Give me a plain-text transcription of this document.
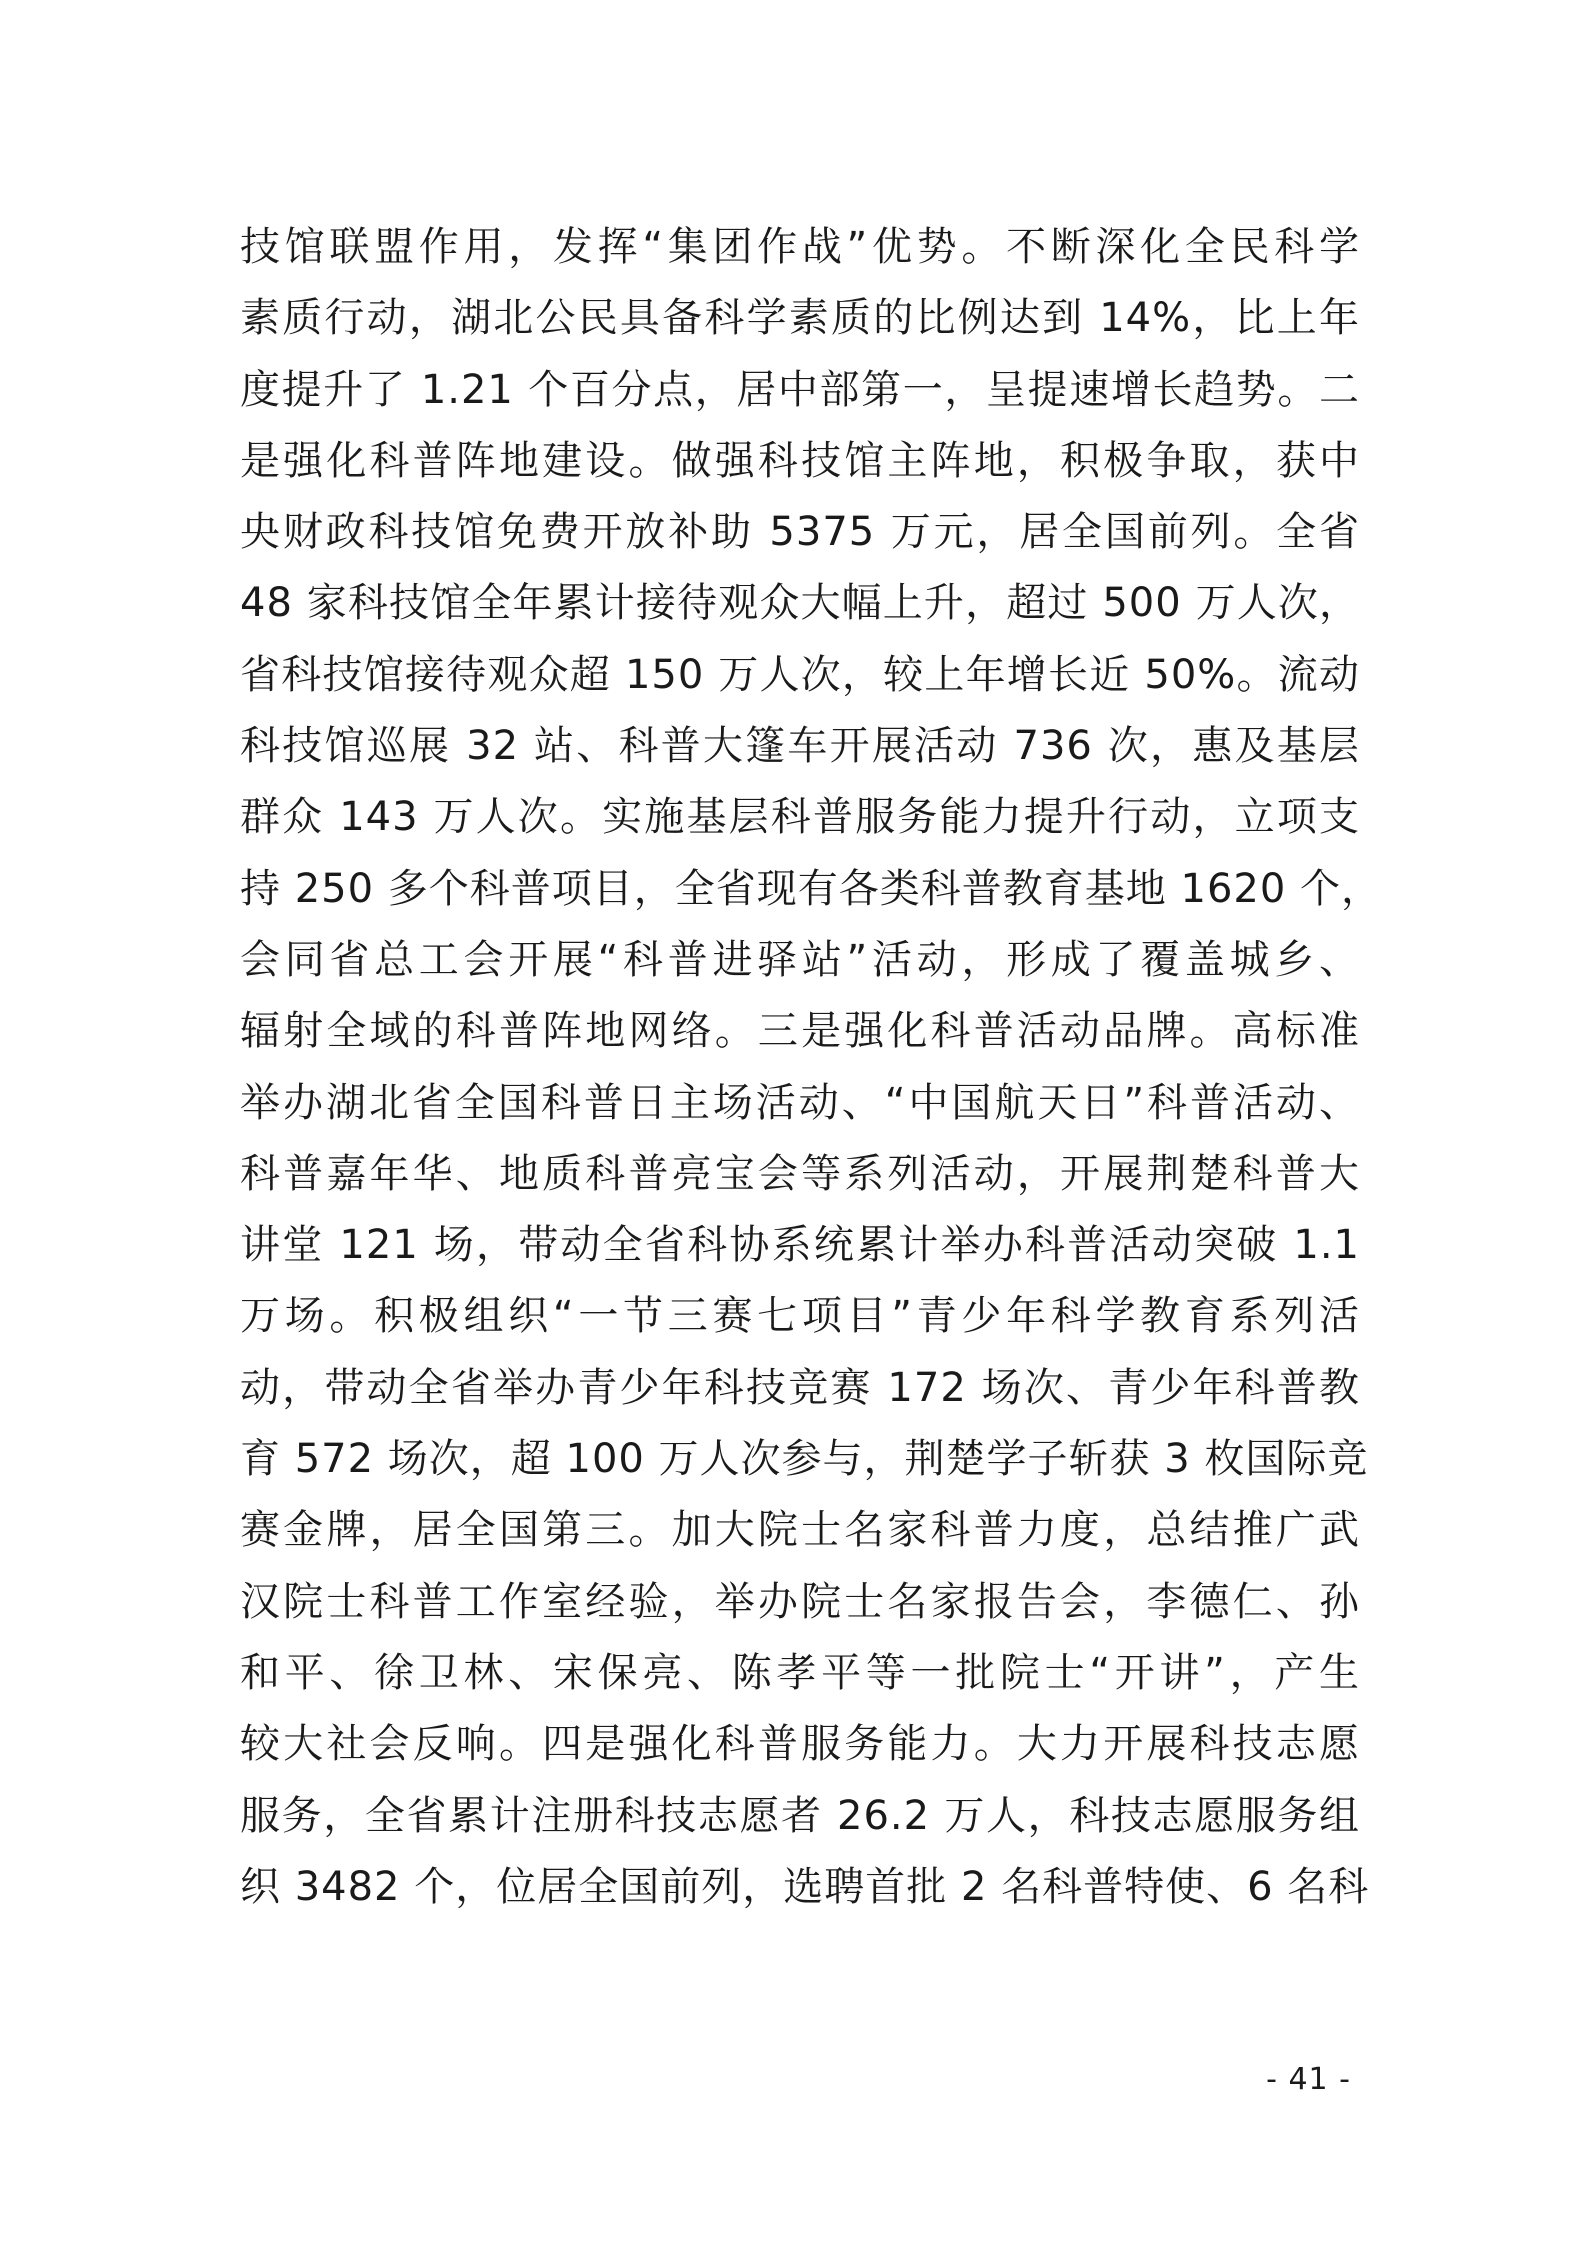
技馆联盟作用，发挥“集团作战”优势。不断深化全民科学
素质行动，湖北公民具备科学素质的比例达到 14%，比上年
度提升了 1.21 个百分点，居中部第一，呈提速增长趋势。二
是强化科普阵地建设。做强科技馆主阵地，积极争取，获中
央财政科技馆免费开放补助 5375 万元，居全国前列。全省
48 家科技馆全年累计接待观众大幅上升，超过 500 万人次，
省科技馆接待观众超 150 万人次，较上年增长近 50%。流动
科技馆巡展 32 站、科普大篷车开展活动 736 次，惠及基层
群众 143 万人次。实施基层科普服务能力提升行动，立项支
持 250 多个科普项目，全省现有各类科普教育基地 1620 个，
会同省总工会开展“科普进驿站”活动，形成了覆盖城乡、
辐射全域的科普阵地网络。三是强化科普活动品牌。高标准
举办湖北省全国科普日主场活动、“中国航天日”科普活动、
科普嘉年华、地质科普亮宝会等系列活动，开展荆楚科普大
讲堂 121 场，带动全省科协系统累计举办科普活动突破 1.1
万场。积极组织“一节三赛七项目”青少年科学教育系列活
动，带动全省举办青少年科技竞赛 172 场次、青少年科普教
育 572 场次，超 100 万人次参与，荆楚学子斩获 3 枚国际竞
赛金牌，居全国第三。加大院士名家科普力度，总结推广武
汉院士科普工作室经验，举办院士名家报告会，李德仁、孙
和平、徐卫林、宋保亮、陈孝平等一批院士“开讲”，产生
较大社会反响。四是强化科普服务能力。大力开展科技志愿
服务，全省累计注册科技志愿者 26.2 万人，科技志愿服务组
织 3482 个，位居全国前列，选聘首批 2 名科普特使、6 名科
- 41 -
